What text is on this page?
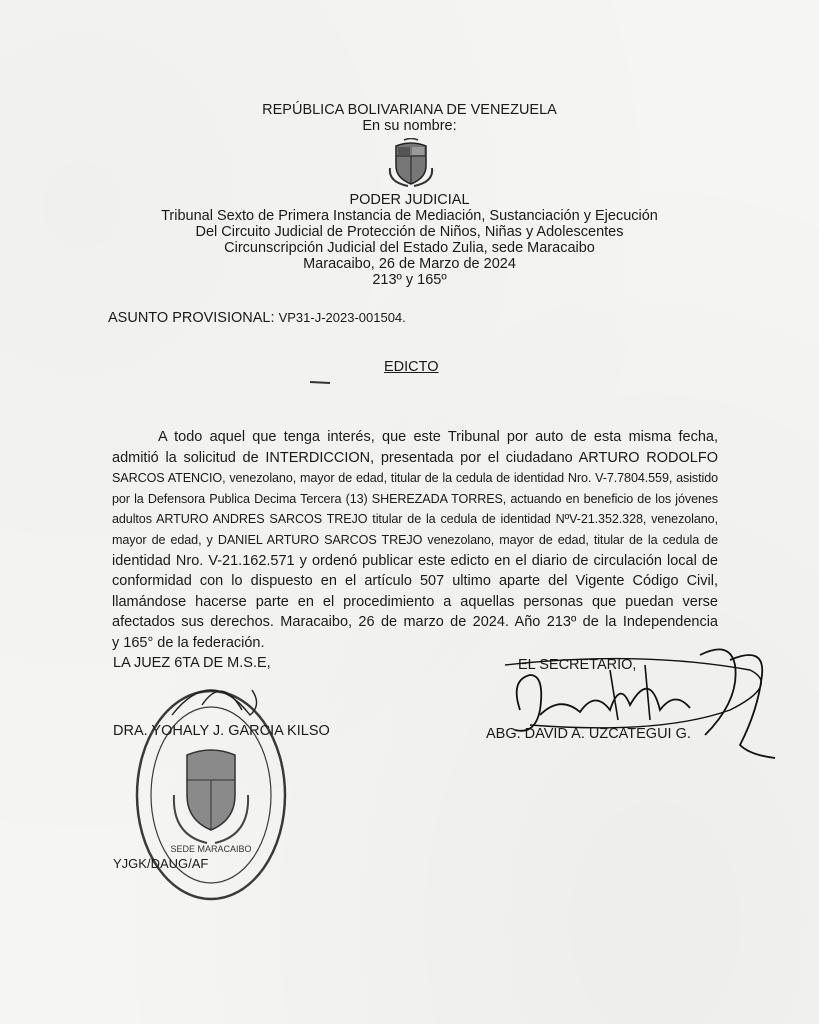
REPÚBLICA BOLIVARIANA DE VENEZUELA
En su nombre:
PODER JUDICIAL
Tribunal Sexto de Primera Instancia de Mediación, Sustanciación y Ejecución
Del Circuito Judicial de Protección de Niños, Niñas y Adolescentes
Circunscripción Judicial del Estado Zulia, sede Maracaibo
Maracaibo, 26 de Marzo de 2024
213º y 165º
ASUNTO PROVISIONAL: VP31-J-2023-001504.
EDICTO
A todo aquel que tenga interés, que este Tribunal por auto de esta misma fecha,
admitió la solicitud de INTERDICCION, presentada por el ciudadano ARTURO RODOLFO
SARCOS ATENCIO, venezolano, mayor de edad, titular de la cedula de identidad Nro. V-7.7804.559, asistido
por la Defensora Publica Decima Tercera (13) SHEREZADA TORRES, actuando en beneficio de los jóvenes
adultos ARTURO ANDRES SARCOS TREJO titular de la cedula de identidad NºV-21.352.328, venezolano,
mayor de edad, y DANIEL ARTURO SARCOS TREJO venezolano, mayor de edad, titular de la cedula de
identidad Nro. V-21.162.571 y ordenó publicar este edicto en el diario de circulación local de
conformidad con lo dispuesto en el artículo 507 ultimo aparte del Vigente Código Civil,
llamándose hacerse parte en el procedimiento a aquellas personas que puedan verse
afectados sus derechos. Maracaibo, 26 de marzo de 2024. Año 213º de la Independencia
y 165° de la federación.
SEDE MARACAIBO
LA JUEZ 6TA DE M.S.E,
DRA. YOHALY J. GARCIA KILSO
YJGK/DAUG/AF
EL SECRETARIO,
ABG. DAVID A. UZCATEGUI G.
